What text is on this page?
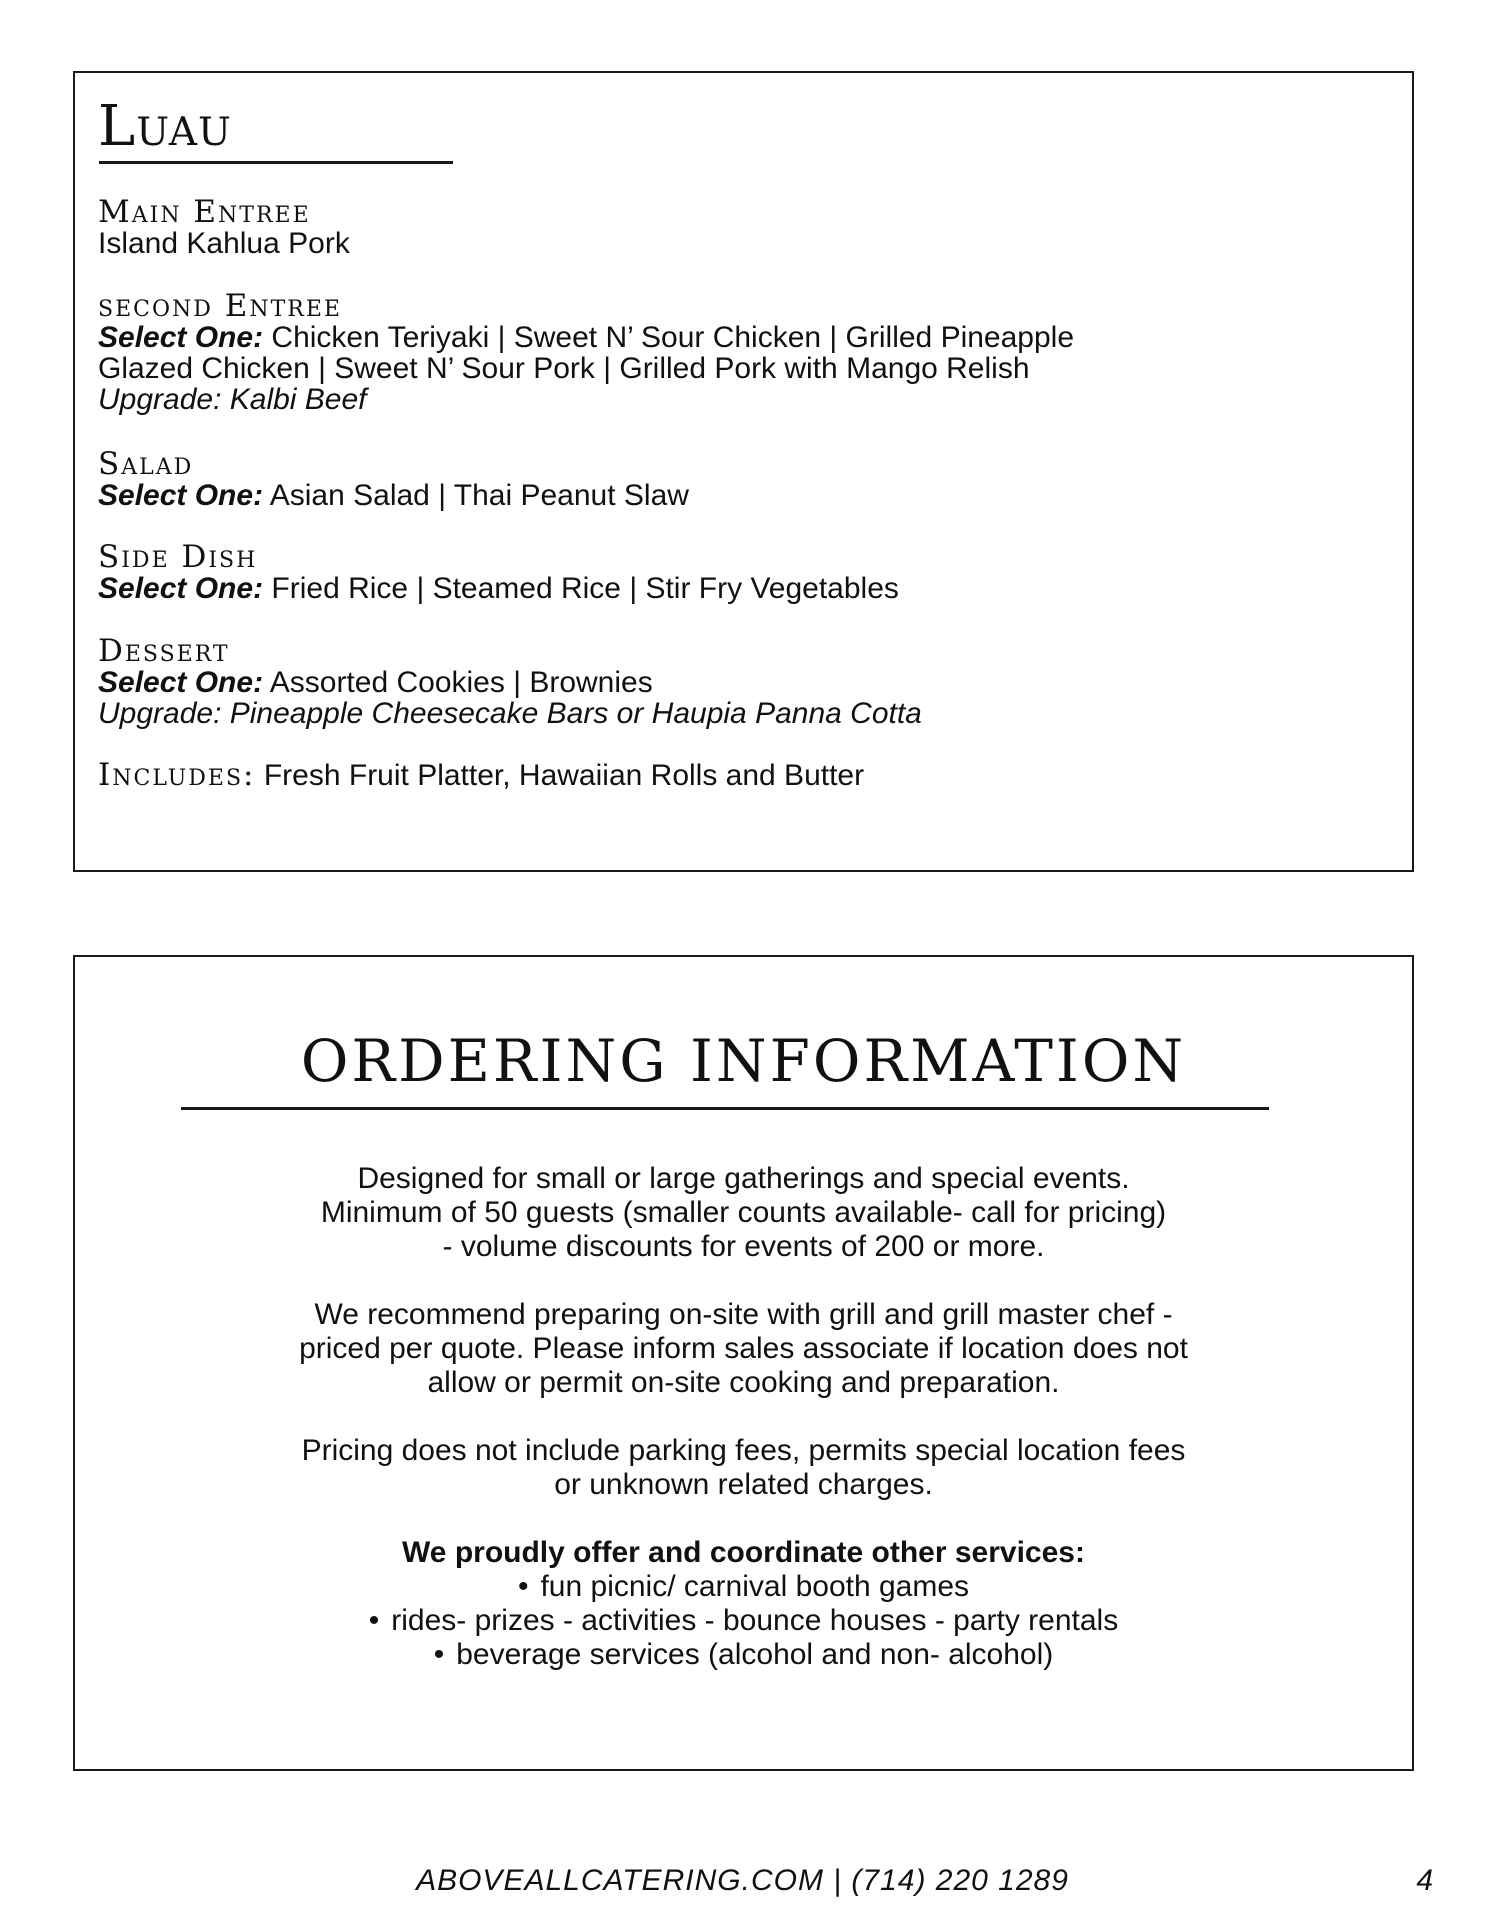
Luau
Main Entree
Island Kahlua Pork
second Entree
Select One: Chicken Teriyaki | Sweet N’ Sour Chicken | Grilled Pineapple
Glazed Chicken | Sweet N’ Sour Pork | Grilled Pork with Mango Relish
Upgrade: Kalbi Beef
Salad
Select One: Asian Salad | Thai Peanut Slaw
Side Dish
Select One: Fried Rice | Steamed Rice | Stir Fry Vegetables
Dessert
Select One: Assorted Cookies | Brownies
Upgrade: Pineapple Cheesecake Bars or Haupia Panna Cotta
Includes: Fresh Fruit Platter, Hawaiian Rolls and Butter
ORDERING INFORMATION

Designed for small or large gatherings and special events.
Minimum of 50 guests (smaller counts available- call for pricing)
- volume discounts for events of 200 or more.

We recommend preparing on-site with grill and grill master chef -
priced per quote. Please inform sales associate if location does not
allow or permit on-site cooking and preparation.

Pricing does not include parking fees, permits special location fees
or unknown related charges.

We proudly offer and coordinate other services:
• fun picnic/ carnival booth games
• rides- prizes - activities - bounce houses - party rentals
• beverage services (alcohol and non- alcohol)
ABOVEALLCATERING.COM | (714) 220 1289	4
